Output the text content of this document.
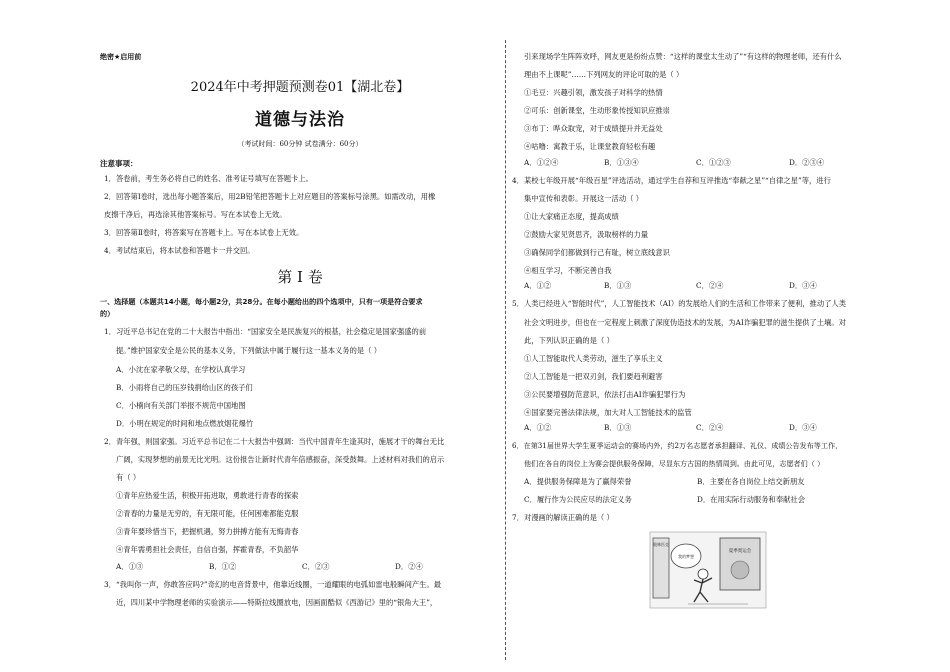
绝密★启用前
2024年中考押题预测卷01【湖北卷】
道德与法治
（考试时间：60分钟 试卷满分：60分）
注意事项：
1．答卷前，考生务必将自己的姓名、准考证号填写在答题卡上。
2．回答第Ⅰ卷时，选出每小题答案后，用2B铅笔把答题卡上对应题目的答案标号涂黑。如需改动，用橡
皮擦干净后，再选涂其他答案标号。写在本试卷上无效。
3．回答第Ⅱ卷时，将答案写在答题卡上。写在本试卷上无效。
4．考试结束后，将本试卷和答题卡一并交回。
第 Ⅰ 卷
一、选择题（本题共14小题，每小题2分，共28分。在每小题给出的四个选项中，只有一项是符合要求
的）
1．习近平总书记在党的二十大报告中指出：“国家安全是民族复兴的根基，社会稳定是国家强盛的前
提。”维护国家安全是公民的基本义务，下列做法中属于履行这一基本义务的是（ ）
A．小沈在家孝敬父母，在学校认真学习
B．小雨将自己的压岁钱捐给山区的孩子们
C．小楠向有关部门举报不规范中国地图
D．小明在规定的时间和地点燃放烟花爆竹
2．青年强，则国家强。习近平总书记在二十大报告中强调：当代中国青年生逢其时，施展才干的舞台无比
广阔，实现梦想的前景无比光明。这份报告让新时代青年倍感振奋，深受鼓舞。上述材料对我们的启示
有（ ）
①青年应热爱生活，积极开拓进取，勇敢进行青春的探索
②青春的力量是无穷的，有无限可能，任何困难都能克服
③青年要珍惜当下，把握机遇，努力拼搏方能有无悔青春
④青年需勇担社会责任，自信自强，挥霍青春，不负韶华
A．①③	B．①②	C．②③	D．②④
3．“我叫你一声，你敢答应吗?”奇幻的电音背景中，他靠近线圈，一道耀眼的电弧如雷电般瞬间产生。最
近，四川某中学物理老师的实验演示——特斯拉线圈放电，因画面酷似《西游记》里的“银角大王”，
引来现场学生阵阵欢呼，网友更是纷纷点赞：“这样的课堂太生动了”“有这样的物理老师，还有什么
理由不上课呢”……下列网友的评论可取的是（ ）
①毛豆：兴趣引领，激发孩子对科学的热情
②可乐：创新课堂，生动形象传授知识应推崇
③布丁：哗众取宠，对于成绩提升并无益处
④咕噜：寓教于乐，让课堂教育轻松有趣
A．①②④	B．①③④	C．①②③	D．②③④
4．某校七年级开展“年级百星”评选活动，通过学生自荐和互评推选“奉献之星”“自律之星”等，进行
集中宣传和表彰。开展这一活动（ ）
①让大家痛正态度，提高成绩
②鼓励大家见贤思齐，汲取榜样的力量
③确保同学们都做到行己有耻，树立底线意识
④相互学习，不断完善自我
A．①②	B．①③	C．②④	D．③④
5．人类已经进入“智能时代”，人工智能技术（AI）的发展给人们的生活和工作带来了便利，推动了人类
社会文明进步，但也在一定程度上刺激了深度伪造技术的发展，为AI诈骗犯罪的滋生提供了土壤。对
此，下列认识正确的是（ ）
①人工智能取代人类劳动，滋生了享乐主义
②人工智能是一把双刃剑，我们要趋利避害
③公民要增强防范意识，依法打击AI诈骗犯罪行为
④国家要完善法律法规，加大对人工智能技术的监管
A．①②	B．①③	C．②④	D．③④
6．在第31届世界大学生夏季运动会的赛场内外，约2万名志愿者承担翻译、礼仪、成绩公告发布等工作，
他们在各自的岗位上为赛会提供服务保障，尽显东方古国的热情周到。由此可见，志愿者们（ ）
A．提供服务保障是为了赢得荣誉	B．主要在各自岗位上结交新朋友
C．履行作为公民应尽的法定义务	D．在用实际行动服务和奉献社会
7．对漫画的解读正确的是（ ）
奥林匹克
我的梦想
夏季奥运会
